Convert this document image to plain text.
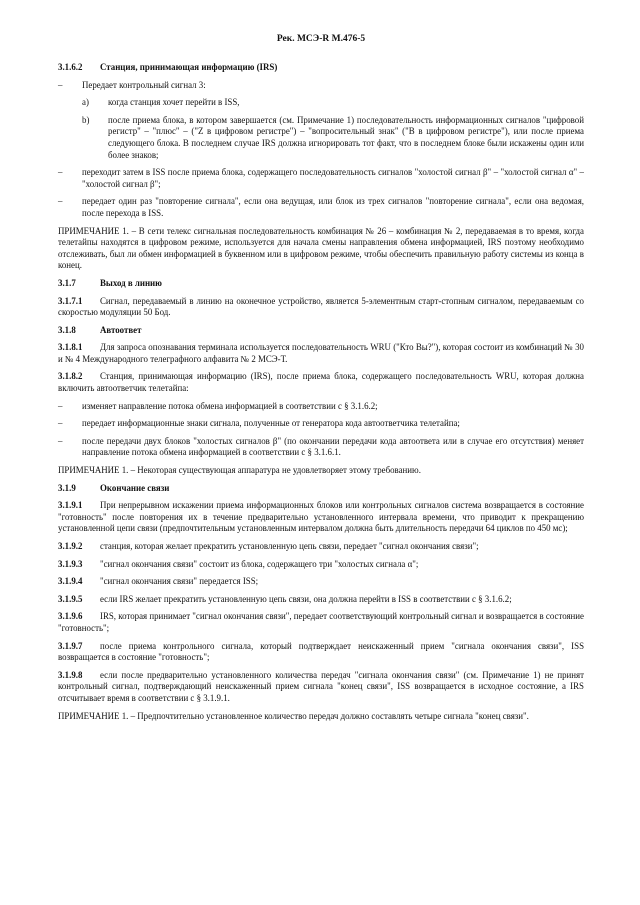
Рек. МСЭ-R M.476-5
3.1.6.2 Станция, принимающая информацию (IRS)
– Передает контрольный сигнал 3:
a) когда станция хочет перейти в ISS,
b) после приема блока, в котором завершается (см. Примечание 1) последовательность информационных сигналов "цифровой регистр" – "плюс" – ("Z в цифровом регистре") – "вопросительный знак" ("В в цифровом регистре"), или после приема следующего блока. В последнем случае IRS должна игнорировать тот факт, что в последнем блоке были искажены один или более знаков;
– переходит затем в ISS после приема блока, содержащего последовательность сигналов "холостой сигнал β" – "холостой сигнал α" – "холостой сигнал β";
– передает один раз "повторение сигнала", если она ведущая, или блок из трех сигналов "повторение сигнала", если она ведомая, после перехода в ISS.
ПРИМЕЧАНИЕ 1. – В сети телекс сигнальная последовательность комбинация № 26 – комбинация № 2, передаваемая в то время, когда телетайпы находятся в цифровом режиме, используется для начала смены направления обмена информацией, IRS поэтому необходимо отслеживать, был ли обмен информацией в буквенном или в цифровом режиме, чтобы обеспечить правильную работу системы из конца в конец.
3.1.7	Выход в линию
3.1.7.1 Сигнал, передаваемый в линию на оконечное устройство, является 5-элементным старт-стопным сигналом, передаваемым со скоростью модуляции 50 Бод.
3.1.8	Автоответ
3.1.8.1 Для запроса опознавания терминала используется последовательность WRU ("Кто Вы?"), которая состоит из комбинаций № 30 и № 4 Международного телеграфного алфавита № 2 МСЭ-Т.
3.1.8.2 Станция, принимающая информацию (IRS), после приема блока, содержащего последовательность WRU, которая должна включить автоответчик телетайпа:
– изменяет направление потока обмена информацией в соответствии с § 3.1.6.2;
– передает информационные знаки сигнала, полученные от генератора кода автоответчика телетайпа;
– после передачи двух блоков "холостых сигналов β" (по окончании передачи кода автоответа или в случае его отсутствия) меняет направление потока обмена информацией в соответствии с § 3.1.6.1.
ПРИМЕЧАНИЕ 1. – Некоторая существующая аппаратура не удовлетворяет этому требованию.
3.1.9	Окончание связи
3.1.9.1 При непрерывном искажении приема информационных блоков или контрольных сигналов система возвращается в состояние "готовность" после повторения их в течение предварительно установленного интервала времени, что приводит к прекращению установленной цепи связи (предпочтительным установленным интервалом должна быть длительность передачи 64 циклов по 450 мс);
3.1.9.2 станция, которая желает прекратить установленную цепь связи, передает "сигнал окончания связи";
3.1.9.3 "сигнал окончания связи" состоит из блока, содержащего три "холостых сигнала α";
3.1.9.4 "сигнал окончания связи" передается ISS;
3.1.9.5 если IRS желает прекратить установленную цепь связи, она должна перейти в ISS в соответствии с § 3.1.6.2;
3.1.9.6 IRS, которая принимает "сигнал окончания связи", передает соответствующий контрольный сигнал и возвращается в состояние "готовность";
3.1.9.7 после приема контрольного сигнала, который подтверждает неискаженный прием "сигнала окончания связи", ISS возвращается в состояние "готовность";
3.1.9.8 если после предварительно установленного количества передач "сигнала окончания связи" (см. Примечание 1) не принят контрольный сигнал, подтверждающий неискаженный прием сигнала "конец связи", ISS возвращается в исходное состояние, а IRS отсчитывает время в соответствии с § 3.1.9.1.
ПРИМЕЧАНИЕ 1. – Предпочтительно установленное количество передач должно составлять четыре сигнала "конец связи".
